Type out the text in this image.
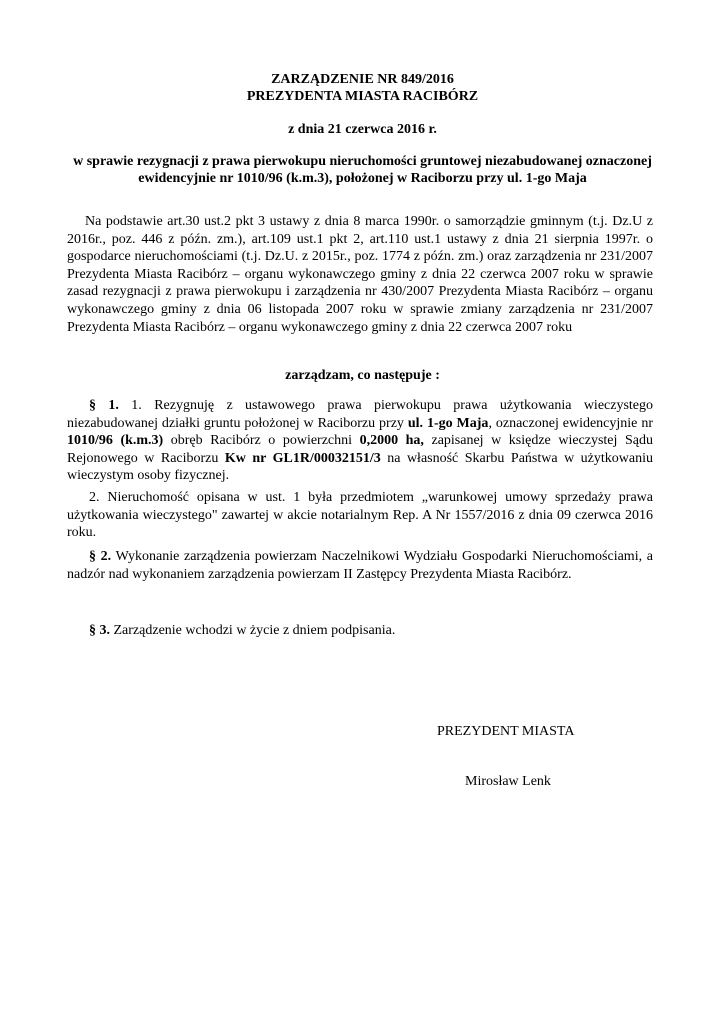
ZARZĄDZENIE NR 849/2016

PREZYDENTA MIASTA RACIBÓRZ

z dnia 21 czerwca 2016 r.

w sprawie rezygnacji z prawa pierwokupu nieruchomości gruntowej niezabudowanej oznaczonej ewidencyjnie nr 1010/96 (k.m.3), położonej w Raciborzu przy ul. 1-go Maja

Na podstawie art.30 ust.2 pkt 3 ustawy z dnia 8 marca 1990r. o samorządzie gminnym (t.j. Dz.U z 2016r., poz. 446 z późn. zm.), art.109 ust.1 pkt 2, art.110 ust.1 ustawy z dnia 21 sierpnia 1997r. o gospodarce nieruchomościami (t.j. Dz.U. z 2015r., poz. 1774 z późn. zm.) oraz zarządzenia nr 231/2007 Prezydenta Miasta Racibórz – organu wykonawczego gminy z dnia 22 czerwca 2007 roku w sprawie zasad rezygnacji z prawa pierwokupu i zarządzenia nr 430/2007 Prezydenta Miasta Racibórz – organu wykonawczego gminy z dnia 06 listopada 2007 roku w sprawie zmiany zarządzenia nr 231/2007 Prezydenta Miasta Racibórz – organu wykonawczego gminy z dnia 22 czerwca 2007 roku

zarządzam, co następuje :

§ 1. 1. Rezygnuję z ustawowego prawa pierwokupu prawa użytkowania wieczystego niezabudowanej działki gruntu położonej w Raciborzu przy ul. 1-go Maja, oznaczonej ewidencyjnie nr 1010/96 (k.m.3) obręb Racibórz o powierzchni 0,2000 ha, zapisanej w księdze wieczystej Sądu Rejonowego w Raciborzu Kw nr GL1R/00032151/3 na własność Skarbu Państwa w użytkowaniu wieczystym osoby fizycznej.

2. Nieruchomość opisana w ust. 1 była przedmiotem „warunkowej umowy sprzedaży prawa użytkowania wieczystego" zawartej w akcie notarialnym Rep. A Nr 1557/2016 z dnia 09 czerwca 2016 roku.

§ 2. Wykonanie zarządzenia powierzam Naczelnikowi Wydziału Gospodarki Nieruchomościami, a nadzór nad wykonaniem zarządzenia powierzam II Zastępcy Prezydenta Miasta Racibórz.

§ 3. Zarządzenie wchodzi w życie z dniem podpisania.

PREZYDENT MIASTA
Mirosław Lenk
